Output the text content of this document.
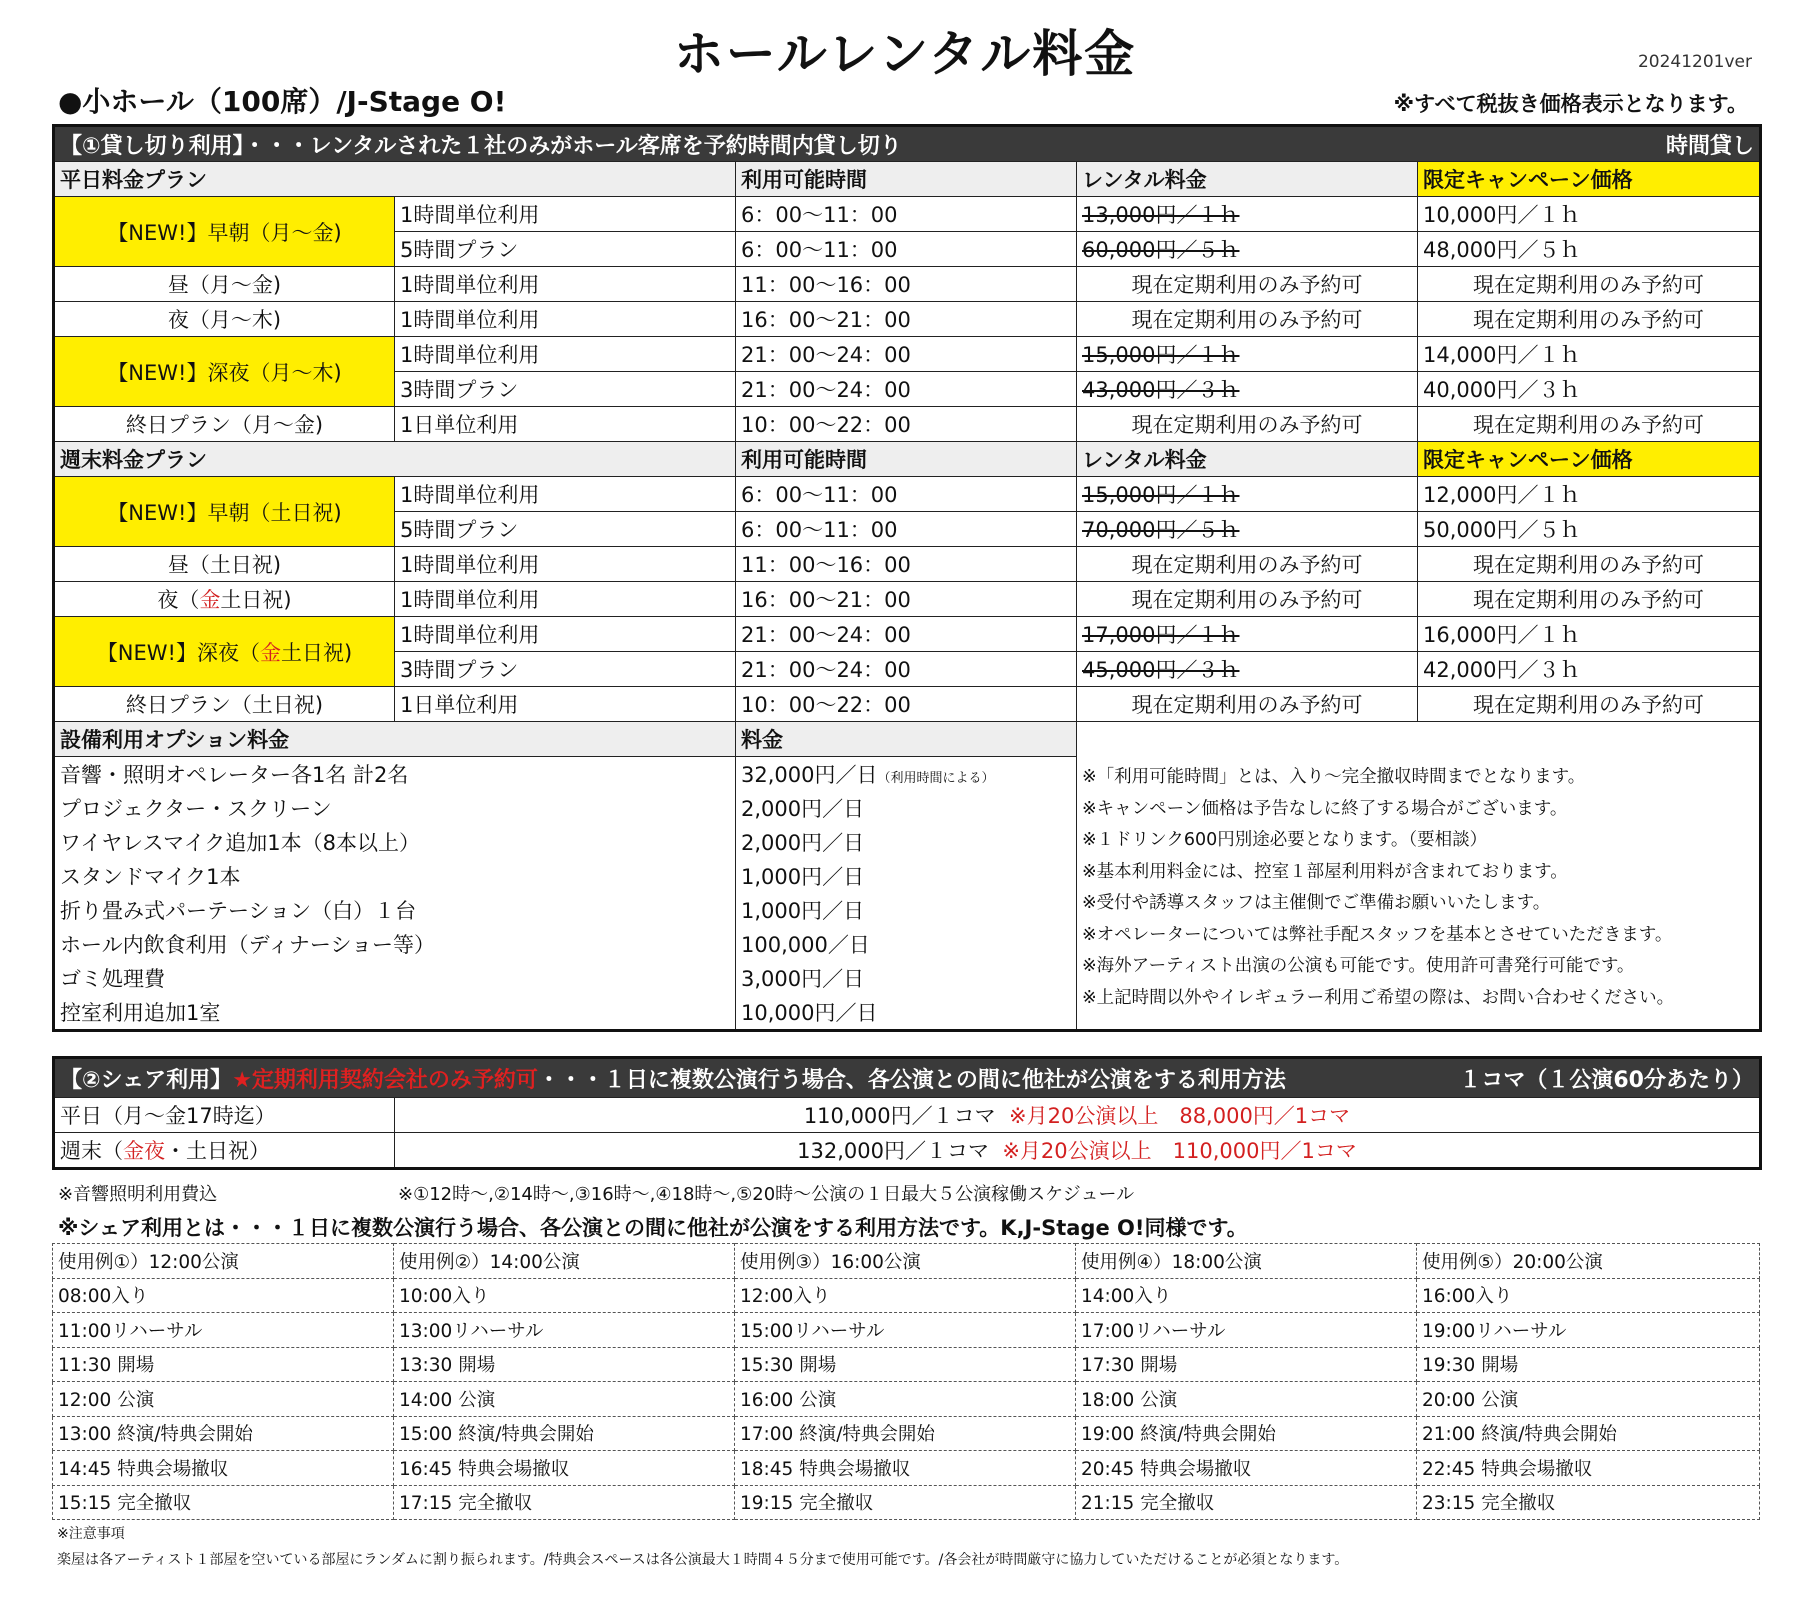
ホールレンタル料金	20241201ver
●小ホール（100席）/J-Stage O!	※すべて税抜き価格表示となります。
【①貸し切り利用】・・・レンタルされた１社のみがホール客席を予約時間内貸し切り 時間貸し				

平日料金プラン		利用可能時間	レンタル料金	限定キャンペーン価格
【NEW!】早朝（月～金)	1時間単位利用	6：00～11：00	13,000円／１ｈ	10,000円／１ｈ
	5時間プラン	6：00～11：00	60,000円／５ｈ	48,000円／５ｈ
昼（月～金)	1時間単位利用	11：00～16：00	現在定期利用のみ予約可	現在定期利用のみ予約可
夜（月～木)	1時間単位利用	16：00～21：00	現在定期利用のみ予約可	現在定期利用のみ予約可
【NEW!】深夜（月～木)	1時間単位利用	21：00～24：00	15,000円／１ｈ	14,000円／１ｈ
	3時間プラン	21：00～24：00	43,000円／３ｈ	40,000円／３ｈ
終日プラン（月～金)	1日単位利用	10：00～22：00	現在定期利用のみ予約可	現在定期利用のみ予約可
週末料金プラン		利用可能時間	レンタル料金	限定キャンペーン価格
【NEW!】早朝（土日祝)	1時間単位利用	6：00～11：00	15,000円／１ｈ	12,000円／１ｈ
	5時間プラン	6：00～11：00	70,000円／５ｈ	50,000円／５ｈ
昼（土日祝)	1時間単位利用	11：00～16：00	現在定期利用のみ予約可	現在定期利用のみ予約可
夜（金土日祝)	1時間単位利用	16：00～21：00	現在定期利用のみ予約可	現在定期利用のみ予約可
【NEW!】深夜（金土日祝)	1時間単位利用	21：00～24：00	17,000円／１ｈ	16,000円／１ｈ
	3時間プラン	21：00～24：00	45,000円／３ｈ	42,000円／３ｈ
終日プラン（土日祝)	1日単位利用	10：00～22：00	現在定期利用のみ予約可	現在定期利用のみ予約可
設備利用オプション料金		料金		
音響・照明オペレーター各1名 計2名		32,000円／日（利用時間による）		
プロジェクター・スクリーン		2,000円／日		
ワイヤレスマイク追加1本（8本以上）		2,000円／日		
スタンドマイク1本		1,000円／日		
折り畳み式パーテーション（白）１台		1,000円／日		
ホール内飲食利用（ディナーショー等）		100,000／日		
ゴミ処理費		3,000円／日		
控室利用追加1室		10,000円／日		
※「利用可能時間」とは、入り～完全撤収時間までとなります。
※キャンペーン価格は予告なしに終了する場合がございます。
※１ドリンク600円別途必要となります。（要相談）
※基本利用料金には、控室１部屋利用料が含まれております。
※受付や誘導スタッフは主催側でご準備お願いいたします。
※オペレーターについては弊社手配スタッフを基本とさせていただきます。
※海外アーティスト出演の公演も可能です。使用許可書発行可能です。
※上記時間以外やイレギュラー利用ご希望の際は、お問い合わせください。
【②シェア利用】★定期利用契約会社のみ予約可・・・１日に複数公演行う場合、各公演との間に他社が公演をする利用方法 １コマ（１公演60分あたり）	

平日（月～金17時迄）	110,000円／１コマ ※月20公演以上　88,000円／1コマ
週末（金夜・土日祝）	132,000円／１コマ ※月20公演以上　110,000円／1コマ
※音響照明利用費込	※①12時～,②14時～,③16時～,④18時～,⑤20時～公演の１日最大５公演稼働スケジュール
※シェア利用とは・・・１日に複数公演行う場合、各公演との間に他社が公演をする利用方法です。K,J-Stage O!同様です。
使用例①）12:00公演	使用例②）14:00公演	使用例③）16:00公演	使用例④）18:00公演	使用例⑤）20:00公演
08:00入り	10:00入り	12:00入り	14:00入り	16:00入り
11:00リハーサル	13:00リハーサル	15:00リハーサル	17:00リハーサル	19:00リハーサル
11:30 開場	13:30 開場	15:30 開場	17:30 開場	19:30 開場
12:00 公演	14:00 公演	16:00 公演	18:00 公演	20:00 公演
13:00 終演/特典会開始	15:00 終演/特典会開始	17:00 終演/特典会開始	19:00 終演/特典会開始	21:00 終演/特典会開始
14:45 特典会場撤収	16:45 特典会場撤収	18:45 特典会場撤収	20:45 特典会場撤収	22:45 特典会場撤収
15:15 完全撤収	17:15 完全撤収	19:15 完全撤収	21:15 完全撤収	23:15 完全撤収
※注意事項
楽屋は各アーティスト１部屋を空いている部屋にランダムに割り振られます。/特典会スペースは各公演最大１時間４５分まで使用可能です。/各会社が時間厳守に協力していただけることが必須となります。
